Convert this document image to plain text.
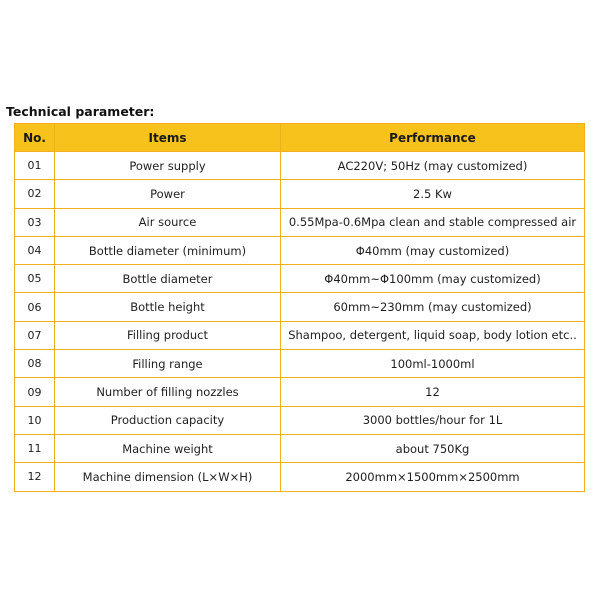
Technical parameter:
No.	Items	Performance
01	Power supply	AC220V; 50Hz (may customized)
02	Power	2.5 Kw
03	Air source	0.55Mpa-0.6Mpa clean and stable compressed air
04	Bottle diameter (minimum)	Φ40mm (may customized)
05	Bottle diameter	Φ40mm~Φ100mm (may customized)
06	Bottle height	60mm~230mm (may customized)
07	Filling product	Shampoo, detergent, liquid soap, body lotion etc..
08	Filling range	100ml-1000ml
09	Number of filling nozzles	12
10	Production capacity	3000 bottles/hour for 1L
11	Machine weight	about 750Kg
12	Machine dimension (L×W×H)	2000mm×1500mm×2500mm
